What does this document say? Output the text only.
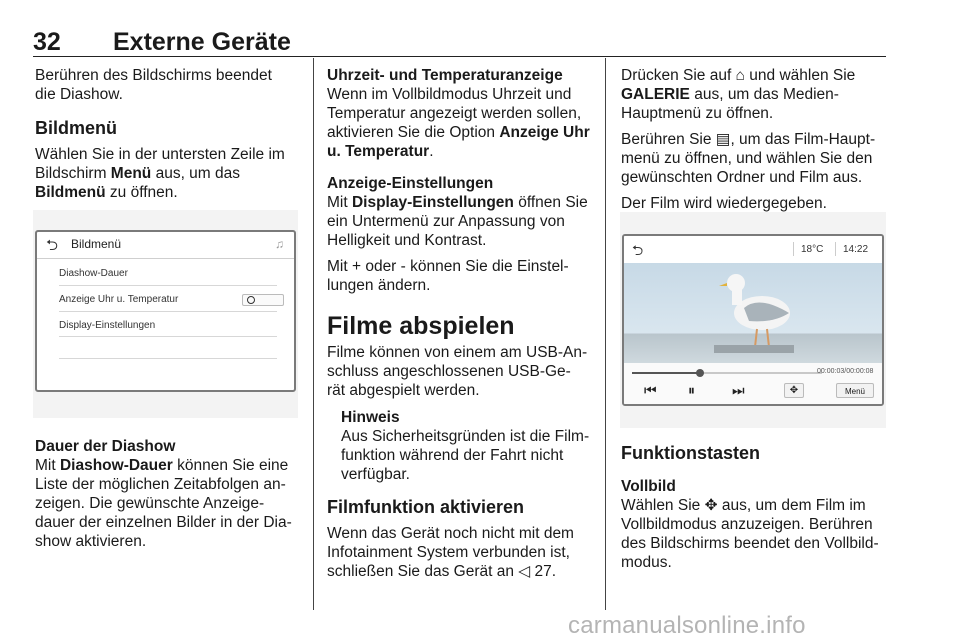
32 Externe Geräte

Berühren des Bildschirms beendet
die Diashow.

Bildmenü

Wählen Sie in der untersten Zeile im
Bildschirm Menü aus, um das
Bildmenü zu öffnen.

⮌ Bildmenü	♫
Diashow-Dauer
Anzeige Uhr u. Temperatur
Display-Einstellungen
Dauer der Diashow

Mit Diashow-Dauer können Sie eine
Liste der möglichen Zeitabfolgen an-
zeigen. Die gewünschte Anzeige-
dauer der einzelnen Bilder in der Dia-
show aktivieren.

Uhrzeit- und Temperaturanzeige

Wenn im Vollbildmodus Uhrzeit und
Temperatur angezeigt werden sollen,
aktivieren Sie die Option Anzeige Uhr
u. Temperatur.

Anzeige-Einstellungen

Mit Display-Einstellungen öffnen Sie
ein Untermenü zur Anpassung von
Helligkeit und Kontrast.

Mit + oder - können Sie die Einstel-
lungen ändern.

Filme abspielen

Filme können von einem am USB-An-
schluss angeschlossenen USB-Ge-
rät abgespielt werden.

Hinweis

Aus Sicherheitsgründen ist die Film-
funktion während der Fahrt nicht
verfügbar.

Filmfunktion aktivieren

Wenn das Gerät noch nicht mit dem
Infotainment System verbunden ist,
schließen Sie das Gerät an ◁ 27.

Drücken Sie auf ⌂ und wählen Sie
GALERIE aus, um das Medien-
Hauptmenü zu öffnen.

Berühren Sie ▤, um das Film-Haupt-
menü zu öffnen, und wählen Sie den
gewünschten Ordner und Film aus.

Der Film wird wiedergegeben.

⮌	18°C 14:22
00:00:03/00:00:08
⏮ ⏸	⏭	✥	Menü
Funktionstasten
Vollbild

Wählen Sie ✥ aus, um dem Film im
Vollbildmodus anzuzeigen. Berühren
des Bildschirms beendet den Vollbild-
modus.

carmanualsonline.info
